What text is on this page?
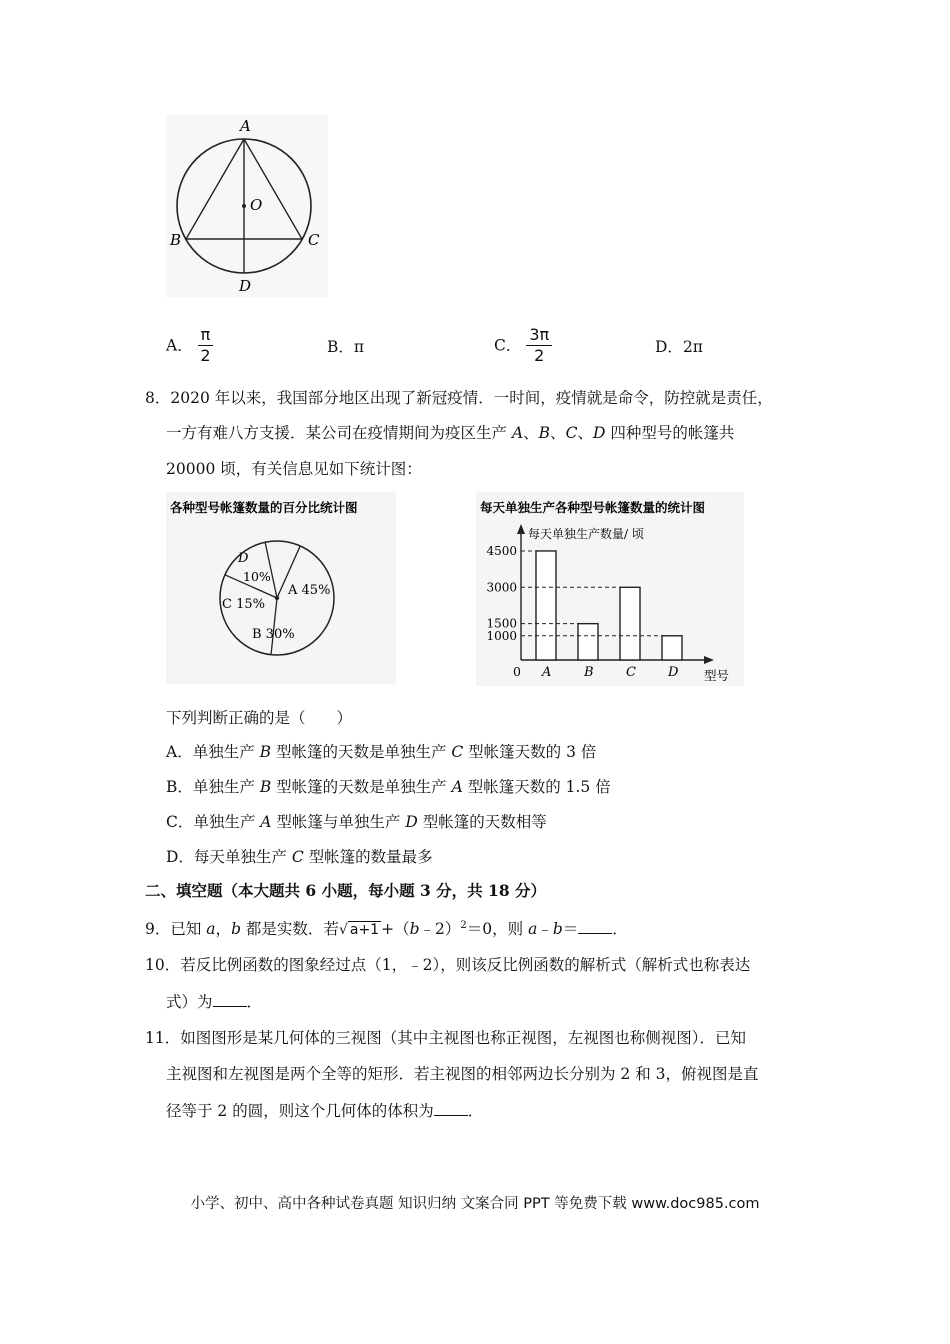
A
O
B	C
D
A． $\frac{\pi}{2}$	B．π	C． $\frac{3\pi}{2}$	D．2π
8．2020 年以来，我国部分地区出现了新冠疫情．一时间，疫情就是命令，防控就是责任，
一方有难八方支援．某公司在疫情期间为疫区生产 A、B、C、D 四种型号的帐篷共
20000 顷，有关信息见如下统计图：
各种型号帐篷数量的百分比统计图
A 45%
B 30%
C 15%
D
10%
每天单独生产各种型号帐篷数量的统计图
每天单独生产数量/ 顷
0	型号
A	B C D
4500
3000
1500
1000
下列判断正确的是（　　）
A．单独生产 B 型帐篷的天数是单独生产 C 型帐篷天数的 3 倍
B．单独生产 B 型帐篷的天数是单独生产 A 型帐篷天数的 1.5 倍
C．单独生产 A 型帐篷与单独生产 D 型帐篷的天数相等
D．每天单独生产 C 型帐篷的数量最多
二、填空题（本大题共 6 小题，每小题 3 分，共 18 分）
9．已知 a，b 都是实数．若√ a+1 +（b﹣2）$^2$＝0，则 a﹣b＝ ．
10．若反比例函数的图象经过点（1，﹣2），则该反比例函数的解析式（解析式也称表达
式）为 ．
11．如图图形是某几何体的三视图（其中主视图也称正视图，左视图也称侧视图）．已知
主视图和左视图是两个全等的矩形．若主视图的相邻两边长分别为 2 和 3，俯视图是直
径等于 2 的圆，则这个几何体的体积为 ．
小学、初中、高中各种试卷真题 知识归纳 文案合同 PPT 等免费下载 www.doc985.com
